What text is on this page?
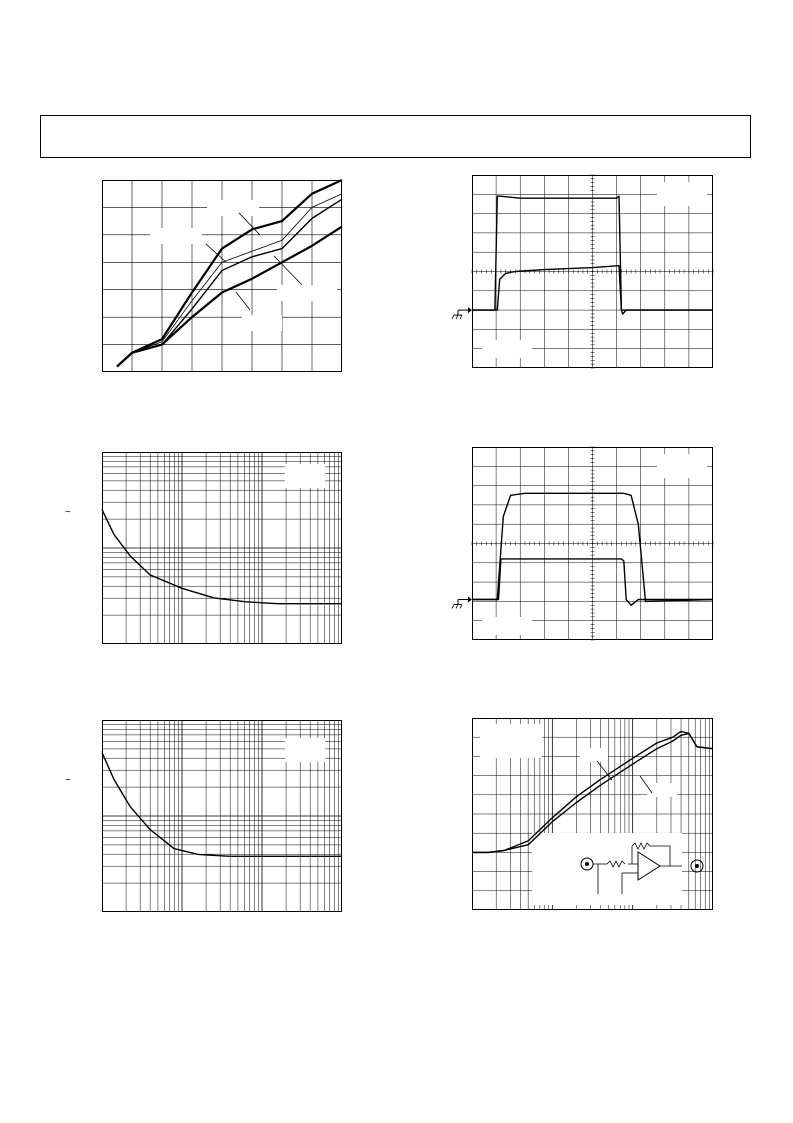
~
~
